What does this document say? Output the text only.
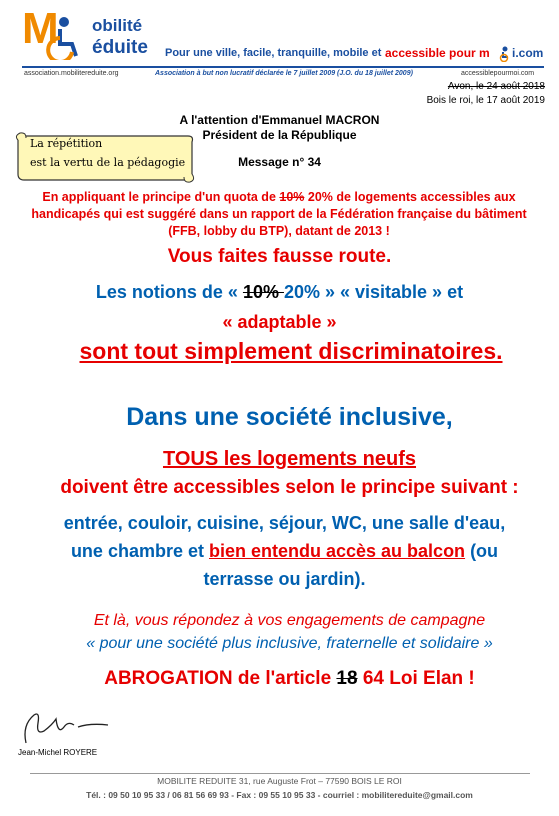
M obilité
éduite Pour une ville, facile, tranquille, mobile et accessible pour m i.com
association.mobilitereduite.org	Association à but non lucratif déclarée le 7 juillet 2009 (J.O. du 18 juillet 2009)	accessiblepourmoi.com
Avon, le 24 août 2018
Bois le roi, le 17 août 2019
A l'attention d'Emmanuel MACRON
Président de la République
Message n° 34
La répétition
est la vertu de la pédagogie
En appliquant le principe d'un quota de 10% 20% de logements accessibles aux handicapés qui est suggéré dans un rapport de la Fédération française du bâtiment (FFB, lobby du BTP), datant de 2013 !
Vous faites fausse route.
Les notions de « 10% 20% » « visitable » et
« adaptable »
sont tout simplement discriminatoires.
Dans une société inclusive,
TOUS les logements neufs
doivent être accessibles selon le principe suivant :
entrée, couloir, cuisine, séjour, WC, une salle d'eau,
une chambre et bien entendu accès au balcon (ou
terrasse ou jardin).
Et là, vous répondez à vos engagements de campagne
« pour une société plus inclusive, fraternelle et solidaire »
ABROGATION de l'article 18 64 Loi Elan !
Jean-Michel ROYERE
MOBILITE REDUITE 31, rue Auguste Frot – 77590 BOIS LE ROI
Tél. : 09 50 10 95 33 / 06 81 56 69 93 - Fax : 09 55 10 95 33 - courriel : mobilitereduite@gmail.com
